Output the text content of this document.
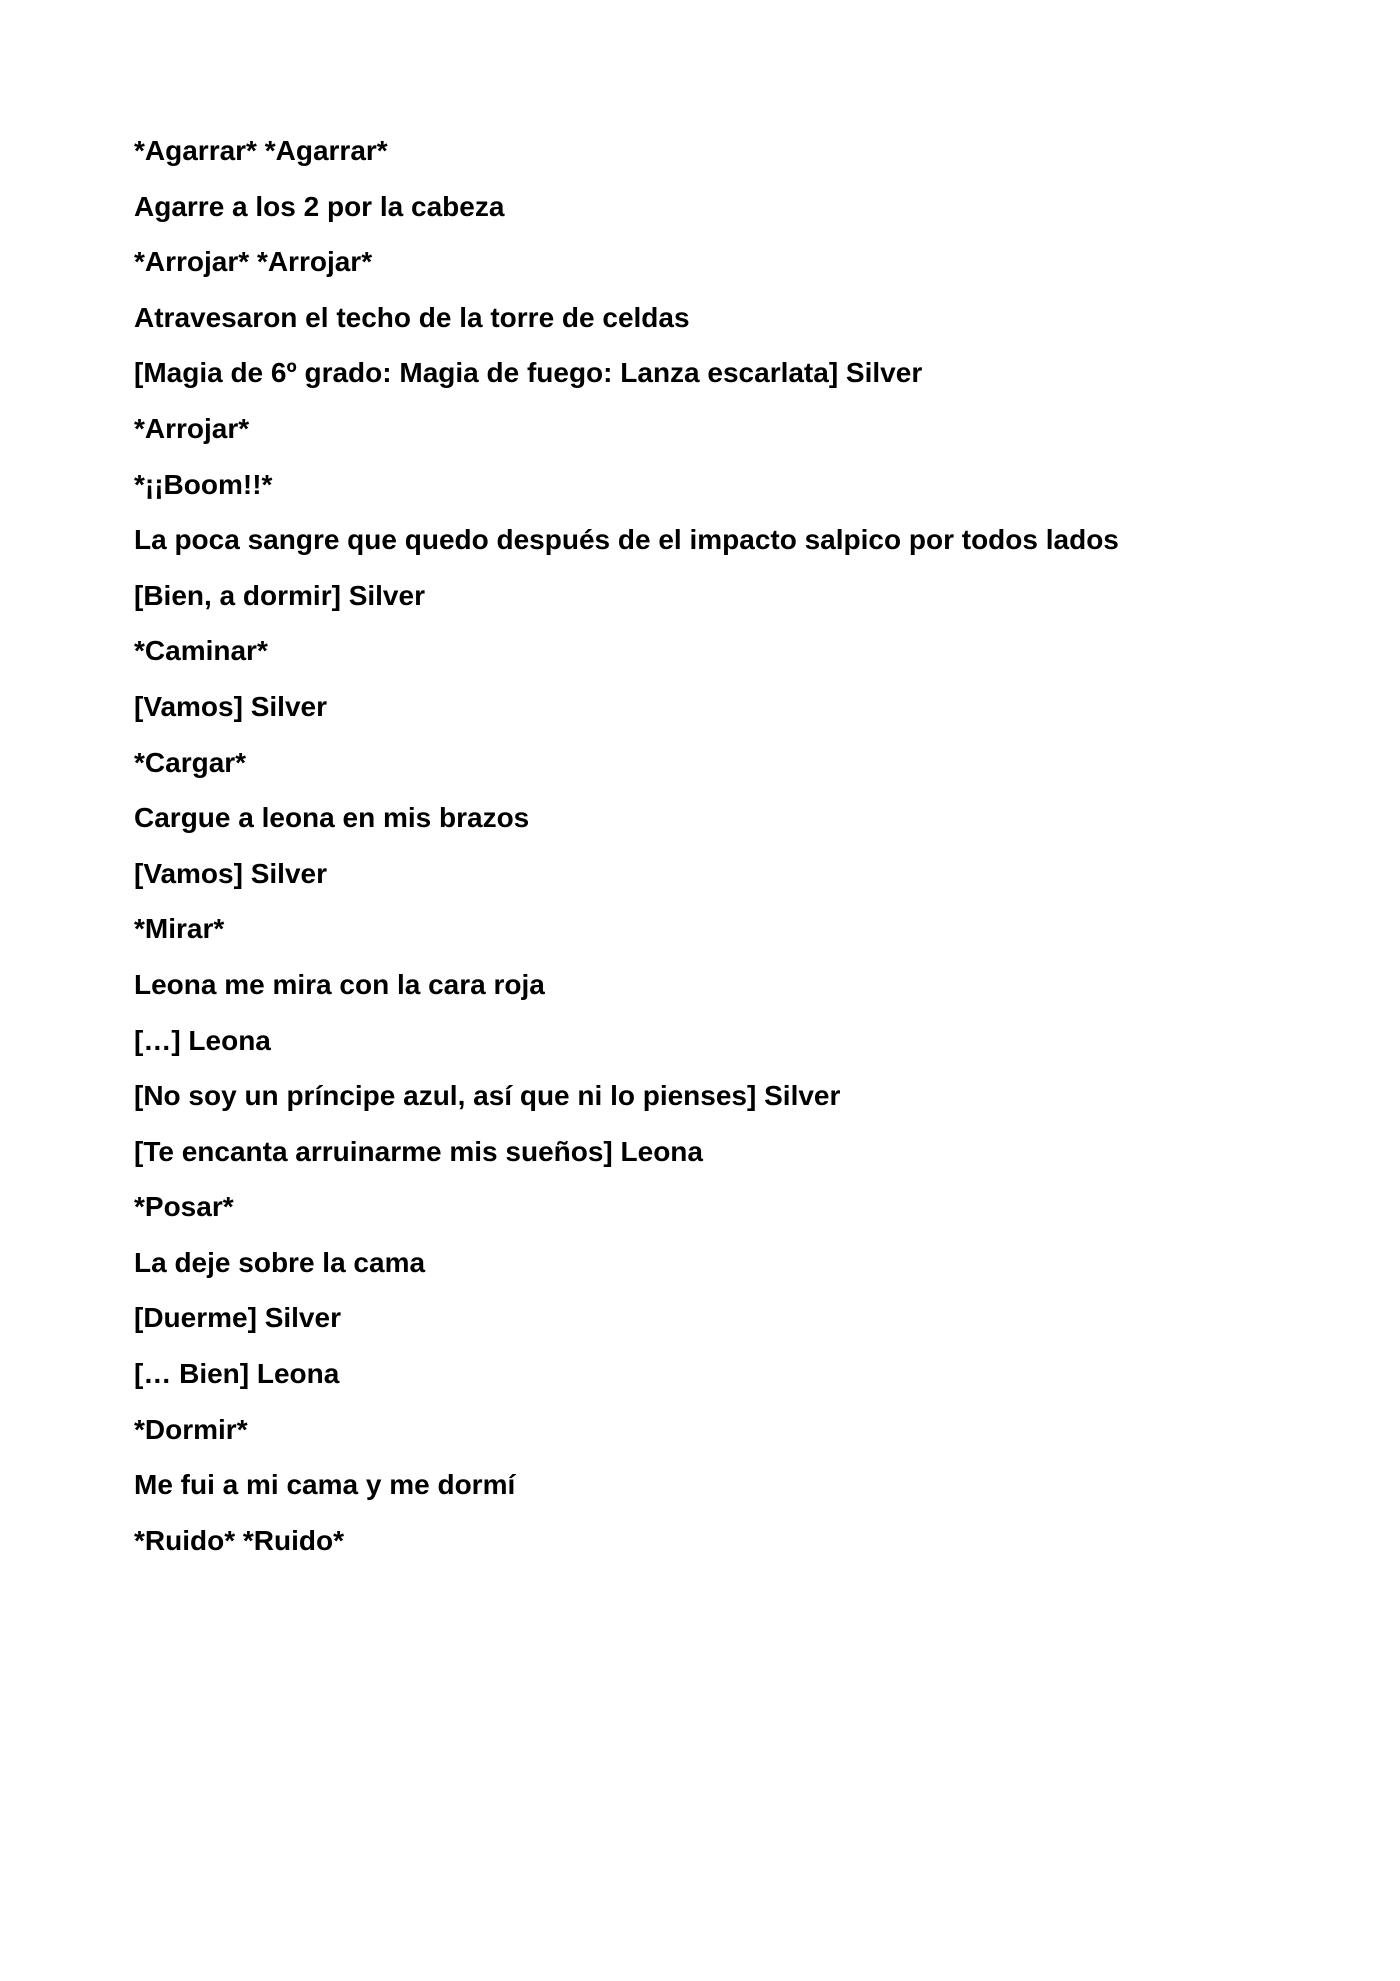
*Agarrar* *Agarrar*
Agarre a los 2 por la cabeza
*Arrojar* *Arrojar*
Atravesaron el techo de la torre de celdas
[Magia de 6º grado: Magia de fuego: Lanza escarlata] Silver
*Arrojar*
*¡¡Boom!!*
La poca sangre que quedo después de el impacto salpico por todos lados
[Bien, a dormir] Silver
*Caminar*
[Vamos] Silver
*Cargar*
Cargue a leona en mis brazos
[Vamos] Silver
*Mirar*
Leona me mira con la cara roja
[…] Leona
[No soy un príncipe azul, así que ni lo pienses] Silver
[Te encanta arruinarme mis sueños] Leona
*Posar*
La deje sobre la cama
[Duerme] Silver
[… Bien] Leona
*Dormir*
Me fui a mi cama y me dormí
*Ruido* *Ruido*
